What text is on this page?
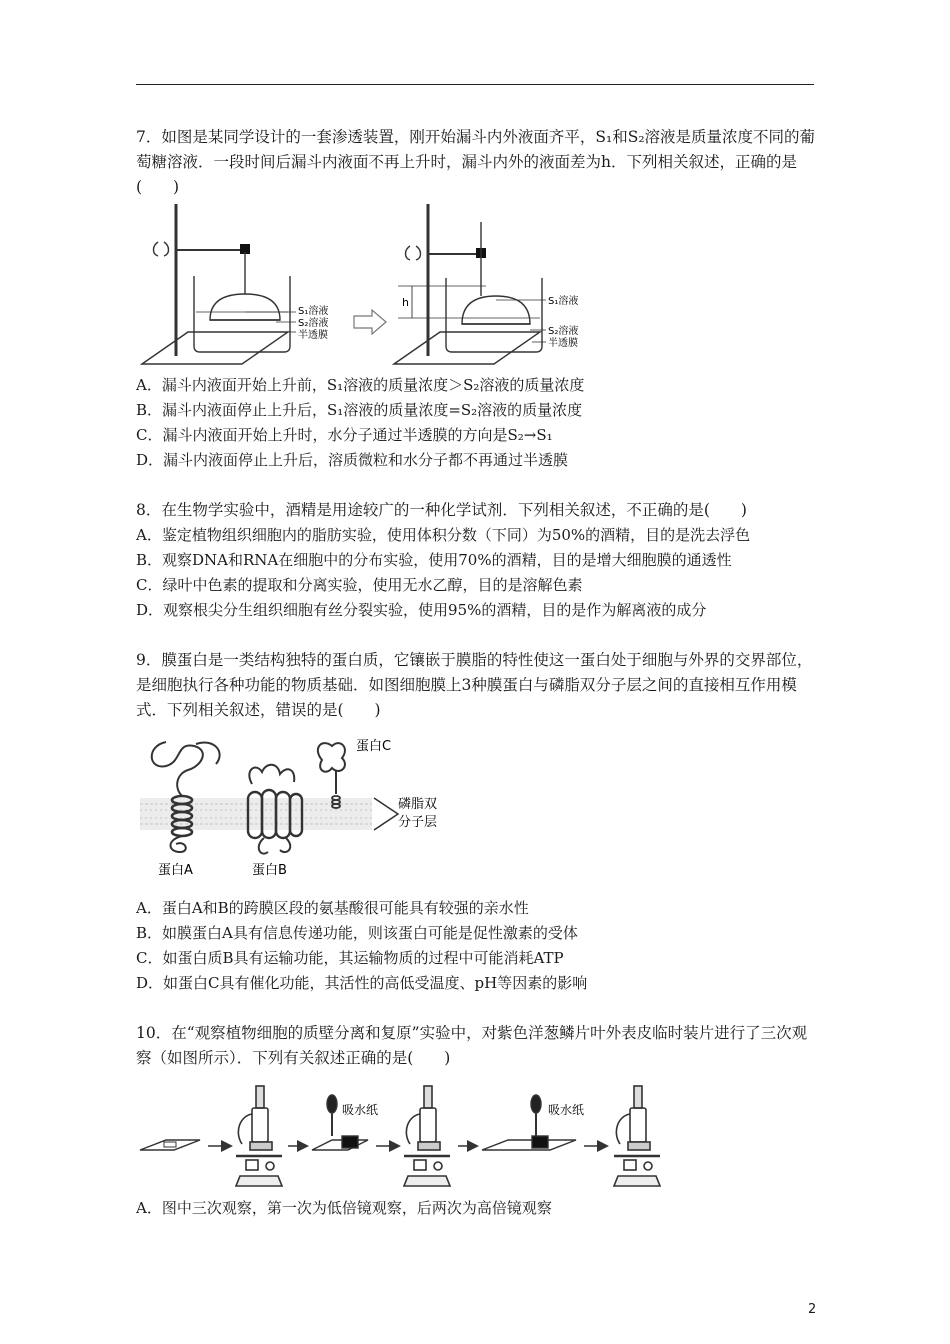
7．如图是某同学设计的一套渗透装置，刚开始漏斗内外液面齐平，S₁和S₂溶液是质量浓度不同的葡萄糖溶液．一段时间后漏斗内液面不再上升时，漏斗内外的液面差为h．下列相关叙述，正确的是(　　)

S₁溶液
S₂溶液
半透膜
h	S₁溶液
S₂溶液
半透膜
A．漏斗内液面开始上升前，S₁溶液的质量浓度＞S₂溶液的质量浓度
B．漏斗内液面停止上升后，S₁溶液的质量浓度=S₂溶液的质量浓度
C．漏斗内液面开始上升时，水分子通过半透膜的方向是S₂→S₁
D．漏斗内液面停止上升后，溶质微粒和水分子都不再通过半透膜

8．在生物学实验中，酒精是用途较广的一种化学试剂．下列相关叙述，不正确的是(　　)

A．鉴定植物组织细胞内的脂肪实验，使用体积分数（下同）为50%的酒精，目的是洗去浮色
B．观察DNA和RNA在细胞中的分布实验，使用70%的酒精，目的是增大细胞膜的通透性
C．绿叶中色素的提取和分离实验，使用无水乙醇，目的是溶解色素
D．观察根尖分生组织细胞有丝分裂实验，使用95%的酒精，目的是作为解离液的成分

9．膜蛋白是一类结构独特的蛋白质，它镶嵌于膜脂的特性使这一蛋白处于细胞与外界的交界部位，是细胞执行各种功能的物质基础．如图细胞膜上3种膜蛋白与磷脂双分子层之间的直接相互作用模式．下列相关叙述，错误的是(　　)

蛋白A	蛋白B
蛋白C
磷脂双
分子层
A．蛋白A和B的跨膜区段的氨基酸很可能具有较强的亲水性
B．如膜蛋白A具有信息传递功能，则该蛋白可能是促性激素的受体
C．如蛋白质B具有运输功能，其运输物质的过程中可能消耗ATP
D．如蛋白C具有催化功能，其活性的高低受温度、pH等因素的影响

10．在“观察植物细胞的质壁分离和复原”实验中，对紫色洋葱鳞片叶外表皮临时装片进行了三次观察（如图所示）．下列有关叙述正确的是(　　)

吸水纸	吸水纸
A．图中三次观察，第一次为低倍镜观察，后两次为高倍镜观察
2
